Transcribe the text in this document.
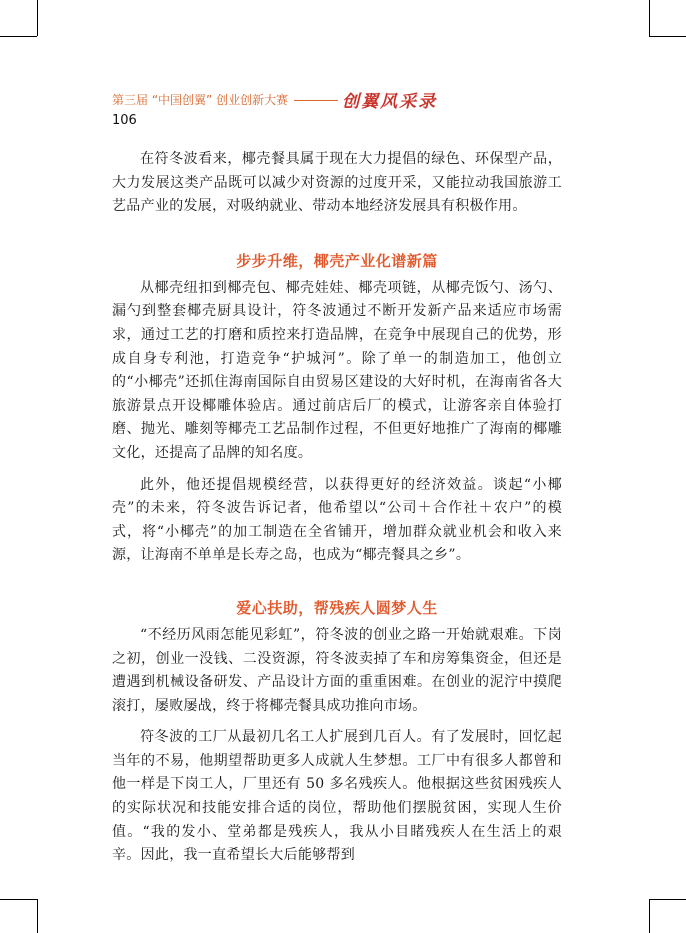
第三届 “中国创翼” 创业创新大赛	创翼风采录
106

在符冬波看来，椰壳餐具属于现在大力提倡的绿色、环保型产品，大力发展这类产品既可以减少对资源的过度开采，又能拉动我国旅游工艺品产业的发展，对吸纳就业、带动本地经济发展具有积极作用。

步步升维，椰壳产业化谱新篇

从椰壳纽扣到椰壳包、椰壳娃娃、椰壳项链，从椰壳饭勺、汤勺、漏勺到整套椰壳厨具设计，符冬波通过不断开发新产品来适应市场需求，通过工艺的打磨和质控来打造品牌，在竞争中展现自己的优势，形成自身专利池，打造竞争“护城河”。除了单一的制造加工，他创立的“小椰壳”还抓住海南国际自由贸易区建设的大好时机，在海南省各大旅游景点开设椰雕体验店。通过前店后厂的模式，让游客亲自体验打磨、抛光、雕刻等椰壳工艺品制作过程，不但更好地推广了海南的椰雕文化，还提高了品牌的知名度。

此外，他还提倡规模经营，以获得更好的经济效益。谈起“小椰壳”的未来，符冬波告诉记者，他希望以“公司＋合作社＋农户”的模式，将“小椰壳”的加工制造在全省铺开，增加群众就业机会和收入来源，让海南不单单是长寿之岛，也成为“椰壳餐具之乡”。

爱心扶助，帮残疾人圆梦人生

“不经历风雨怎能见彩虹”，符冬波的创业之路一开始就艰难。下岗之初，创业一没钱、二没资源，符冬波卖掉了车和房筹集资金，但还是遭遇到机械设备研发、产品设计方面的重重困难。在创业的泥泞中摸爬滚打，屡败屡战，终于将椰壳餐具成功推向市场。

符冬波的工厂从最初几名工人扩展到几百人。有了发展时，回忆起当年的不易，他期望帮助更多人成就人生梦想。工厂中有很多人都曾和他一样是下岗工人，厂里还有 50 多名残疾人。他根据这些贫困残疾人的实际状况和技能安排合适的岗位，帮助他们摆脱贫困，实现人生价值。“我的发小、堂弟都是残疾人，我从小目睹残疾人在生活上的艰辛。因此，我一直希望长大后能够帮到
